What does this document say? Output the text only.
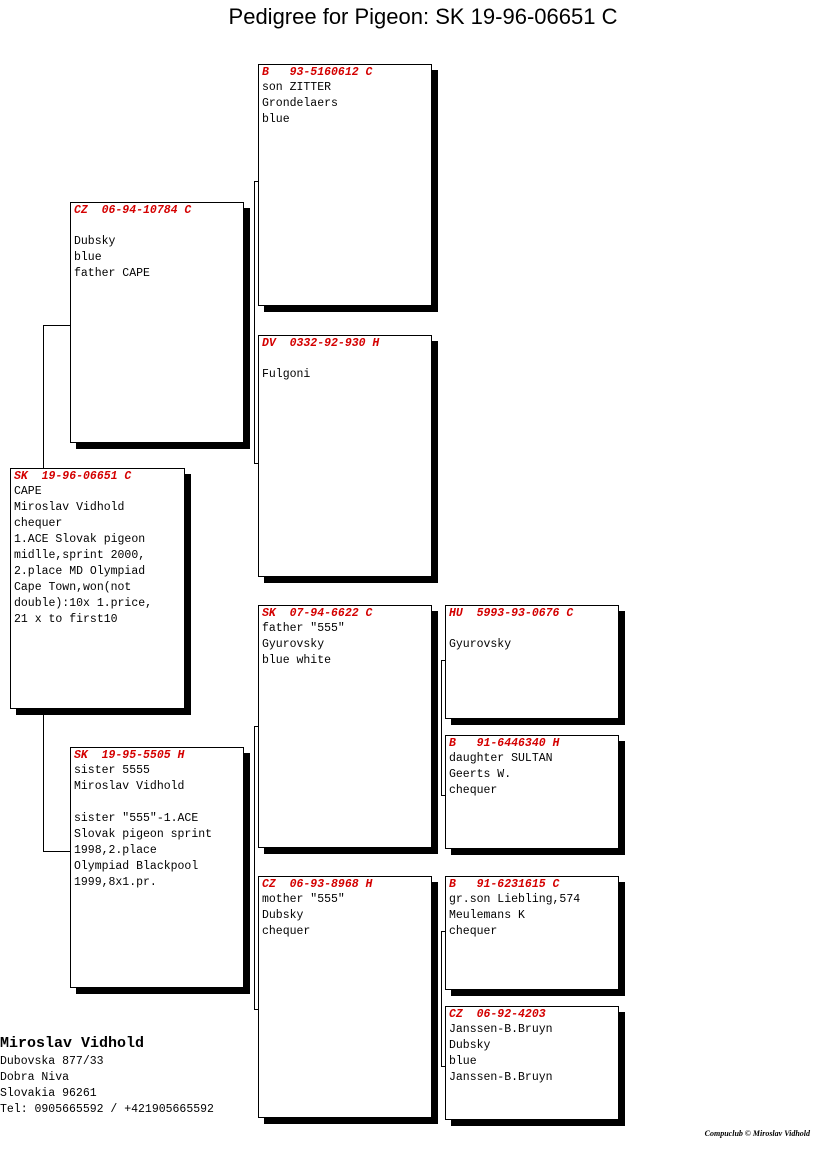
Pedigree for Pigeon: SK 19-96-06651 C
SK  19-96-06651 C
CAPE
Miroslav Vidhold
chequer
1.ACE Slovak pigeon
midlle,sprint 2000,
2.place MD Olympiad
Cape Town,won(not
double):10x 1.price,
21 x to first10
CZ  06-94-10784 C
Dubsky
blue
father CAPE
SK  19-95-5505 H
sister 5555
Miroslav Vidhold
sister "555"-1.ACE
Slovak pigeon sprint
1998,2.place
Olympiad Blackpool
1999,8x1.pr.
B   93-5160612 C
son ZITTER
Grondelaers
blue
DV  0332-92-930 H
Fulgoni
SK  07-94-6622 C
father "555"
Gyurovsky
blue white
CZ  06-93-8968 H
mother "555"
Dubsky
chequer
HU  5993-93-0676 C
Gyurovsky
B   91-6446340 H
daughter SULTAN
Geerts W.
chequer
B   91-6231615 C
gr.son Liebling,574
Meulemans K
chequer
CZ  06-92-4203
Janssen-B.Bruyn
Dubsky
blue
Janssen-B.Bruyn
Miroslav Vidhold
Dubovska 877/33
Dobra Niva
Slovakia 96261
Tel: 0905665592 / +421905665592
Compuclub © Miroslav Vidhold
